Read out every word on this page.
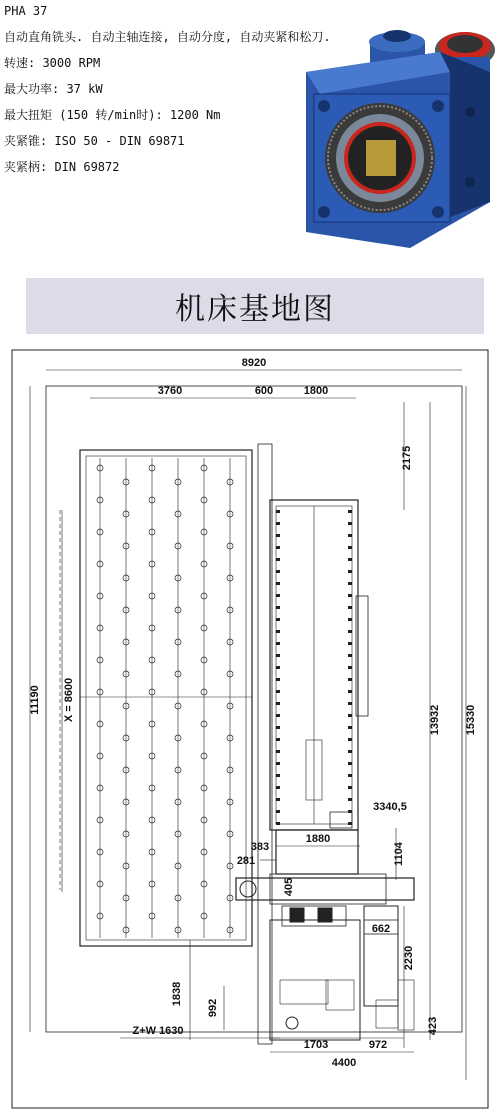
PHA 37
自动直角铣头. 自动主轴连接, 自动分度, 自动夹紧和松刀.
转速: 3000 RPM
最大功率: 37 kW
最大扭矩 (150 转/min时): 1200 Nm
夹紧锥: ISO 50 - DIN 69871
夹紧柄: DIN 69872
机床基地图
8920
3760	600	1800
2175
11190 X = 8600	13932 15330
3340,5
1880
383	1104
281
405
662
2230
1838
992
423
Z+W 1630
1703	972
4400
